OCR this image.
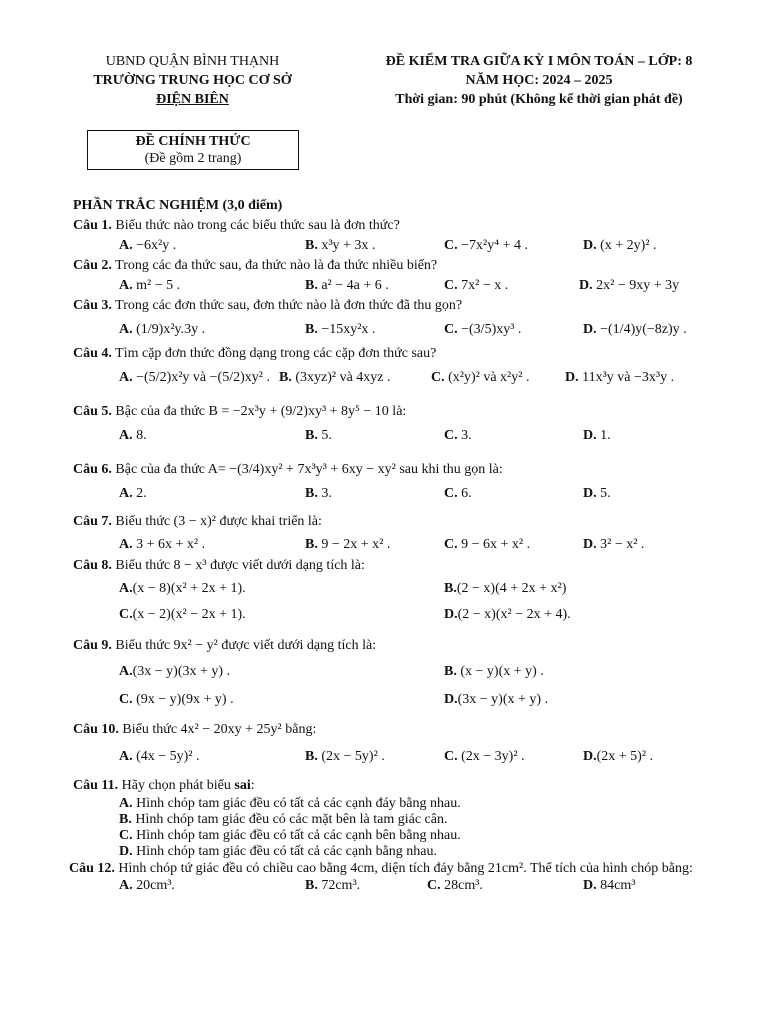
UBND QUẬN BÌNH THẠNH
TRƯỜNG TRUNG HỌC CƠ SỞ
ĐIỆN BIÊN
ĐỀ KIỂM TRA GIỮA KỲ I MÔN TOÁN – LỚP: 8
NĂM HỌC: 2024 – 2025
Thời gian: 90 phút (Không kể thời gian phát đề)
ĐỀ CHÍNH THỨC
(Đề gồm 2 trang)
PHẦN TRẮC NGHIỆM (3,0 điểm)
Câu 1. Biểu thức nào trong các biểu thức sau là đơn thức?
A. −6x²y .	B. x³y + 3x .	C. −7x²y⁴ + 4 .	D. (x + 2y)² .
Câu 2. Trong các đa thức sau, đa thức nào là đa thức nhiều biến?
A. m² − 5 .	B. a² − 4a + 6 .	C. 7x² − x .	D. 2x² − 9xy + 3y
Câu 3. Trong các đơn thức sau, đơn thức nào là đơn thức đã thu gọn?
A. (1/9)x²y.3y .	B. −15xy²x .	C. −(3/5)xy³ .	D. −(1/4)y(−8z)y .
Câu 4. Tìm cặp đơn thức đồng dạng trong các cặp đơn thức sau?
A. −(5/2)x²y và −(5/2)xy² . B. (3xyz)² và 4xyz .	C. (x²y)² và x²y² .	D. 11x³y và −3x³y .
Câu 5. Bậc của đa thức B = −2x³y + (9/2)xy³ + 8y⁵ − 10 là:
A. 8.	B. 5.	C. 3.	D. 1.
Câu 6. Bậc của đa thức A= −(3/4)xy² + 7x³y³ + 6xy − xy² sau khi thu gọn là:
A. 2.	B. 3.	C. 6.	D. 5.
Câu 7. Biểu thức (3 − x)² được khai triển là:
A. 3 + 6x + x² .	B. 9 − 2x + x² .	C. 9 − 6x + x² .	D. 3² − x² .
Câu 8. Biểu thức 8 − x³ được viết dưới dạng tích là:
A.(x − 8)(x² + 2x + 1).	B.(2 − x)(4 + 2x + x²)
C.(x − 2)(x² − 2x + 1).	D.(2 − x)(x² − 2x + 4).
Câu 9. Biểu thức 9x² − y² được viết dưới dạng tích là:
A.(3x − y)(3x + y) .	B. (x − y)(x + y) .
C. (9x − y)(9x + y) .	D.(3x − y)(x + y) .
Câu 10. Biểu thức 4x² − 20xy + 25y² bằng:
A. (4x − 5y)² .	B. (2x − 5y)² .	C. (2x − 3y)² .	D.(2x + 5)² .
Câu 11. Hãy chọn phát biểu sai:
A. Hình chóp tam giác đều có tất cả các cạnh đáy bằng nhau.
B. Hình chóp tam giác đều có các mặt bên là tam giác cân.
C. Hình chóp tam giác đều có tất cả các cạnh bên bằng nhau.
D. Hình chóp tam giác đều có tất cả các cạnh bằng nhau.
Câu 12. Hình chóp tứ giác đều có chiều cao bằng 4cm, diện tích đáy bằng 21cm². Thể tích của hình chóp bằng:
A. 20cm³.	B. 72cm³.	C. 28cm³.	D. 84cm³
